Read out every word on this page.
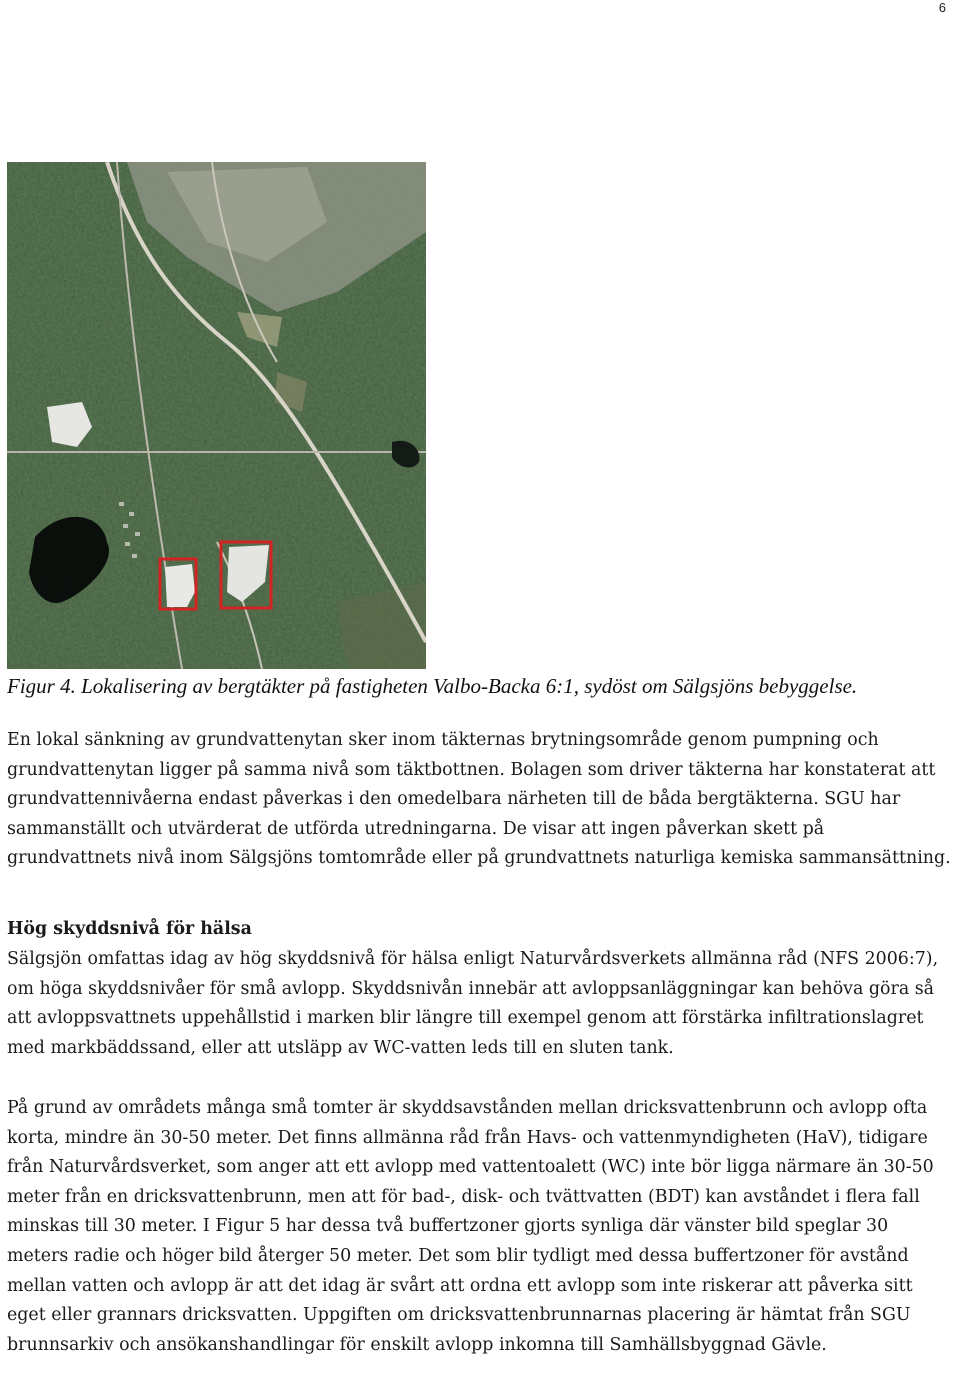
6
Figur 4. Lokalisering av bergtäkter på fastigheten Valbo-Backa 6:1, sydöst om Sälgsjöns bebyggelse.

En lokal sänkning av grundvattenytan sker inom täkternas brytningsområde genom pumpning och grundvattenytan ligger på samma nivå som täktbottnen. Bolagen som driver täkterna har konstaterat att grundvattennivåerna endast påverkas i den omedelbara närheten till de båda bergtäkterna. SGU har sammanställt och utvärderat de utförda utredningarna. De visar att ingen påverkan skett på grundvattnets nivå inom Sälgsjöns tomtområde eller på grundvattnets naturliga kemiska sammansättning.

Hög skyddsnivå för hälsa

Sälgsjön omfattas idag av hög skyddsnivå för hälsa enligt Naturvårdsverkets allmänna råd (NFS 2006:7), om höga skyddsnivåer för små avlopp. Skyddsnivån innebär att avloppsanläggningar kan behöva göra så att avloppsvattnets uppehållstid i marken blir längre till exempel genom att förstärka infiltrationslagret med markbäddssand, eller att utsläpp av WC-vatten leds till en sluten tank.

På grund av områdets många små tomter är skyddsavstånden mellan dricksvattenbrunn och avlopp ofta korta, mindre än 30-50 meter. Det finns allmänna råd från Havs- och vattenmyndigheten (HaV), tidigare från Naturvårdsverket, som anger att ett avlopp med vattentoalett (WC) inte bör ligga närmare än 30-50 meter från en dricksvattenbrunn, men att för bad-, disk- och tvättvatten (BDT) kan avståndet i flera fall minskas till 30 meter. I Figur 5 har dessa två buffertzoner gjorts synliga där vänster bild speglar 30 meters radie och höger bild återger 50 meter. Det som blir tydligt med dessa buffertzoner för avstånd mellan vatten och avlopp är att det idag är svårt att ordna ett avlopp som inte riskerar att påverka sitt eget eller grannars dricksvatten. Uppgiften om dricksvattenbrunnarnas placering är hämtat från SGU brunnsarkiv och ansökanshandlingar för enskilt avlopp inkomna till Samhällsbyggnad Gävle.
